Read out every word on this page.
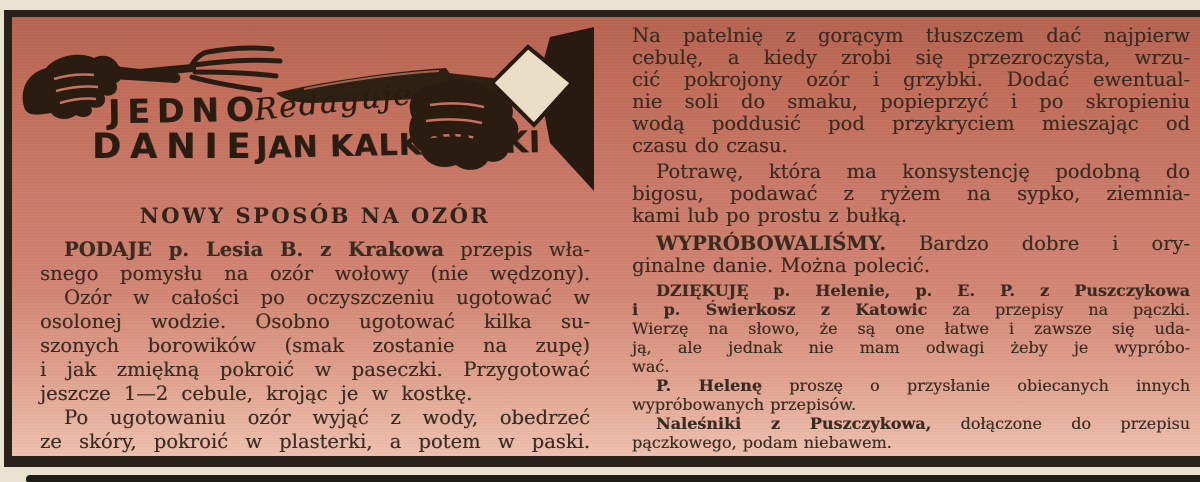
JEDNO
DANIE
Redaguje
JAN KALKOWSKI
NOWY SPOSÓB NA OZÓR
PODAJE p. Lesia B. z Krakowa przepis wła-
snego pomysłu na ozór wołowy (nie wędzony).
Ozór w całości po oczyszczeniu ugotować w
osolonej wodzie. Osobno ugotować kilka su-
szonych borowików (smak zostanie na zupę)
i jak zmiękną pokroić w paseczki. Przygotować
jeszcze 1—2 cebule, krojąc je w kostkę.
Po ugotowaniu ozór wyjąć z wody, obedrzeć
ze skóry, pokroić w plasterki, a potem w paski.
Na patelnię z gorącym tłuszczem dać najpierw
cebulę, a kiedy zrobi się przezroczysta, wrzu-
cić pokrojony ozór i grzybki. Dodać ewentual-
nie soli do smaku, popieprzyć i po skropieniu
wodą poddusić pod przykryciem mieszając od
czasu do czasu.
Potrawę, która ma konsystencję podobną do
bigosu, podawać z ryżem na sypko, ziemnia-
kami lub po prostu z bułką.
WYPRÓBOWALIŚMY. Bardzo dobre i ory-
ginalne danie. Można polecić.
DZIĘKUJĘ p. Helenie, p. E. P. z Puszczykowa
i p. Świerkosz z Katowic za przepisy na pączki.
Wierzę na słowo, że są one łatwe i zawsze się uda-
ją, ale jednak nie mam odwagi żeby je wypróbo-
wać.
P. Helenę proszę o przysłanie obiecanych innych
wypróbowanych przepisów.
Naleśniki z Puszczykowa, dołączone do przepisu
pączkowego, podam niebawem.
